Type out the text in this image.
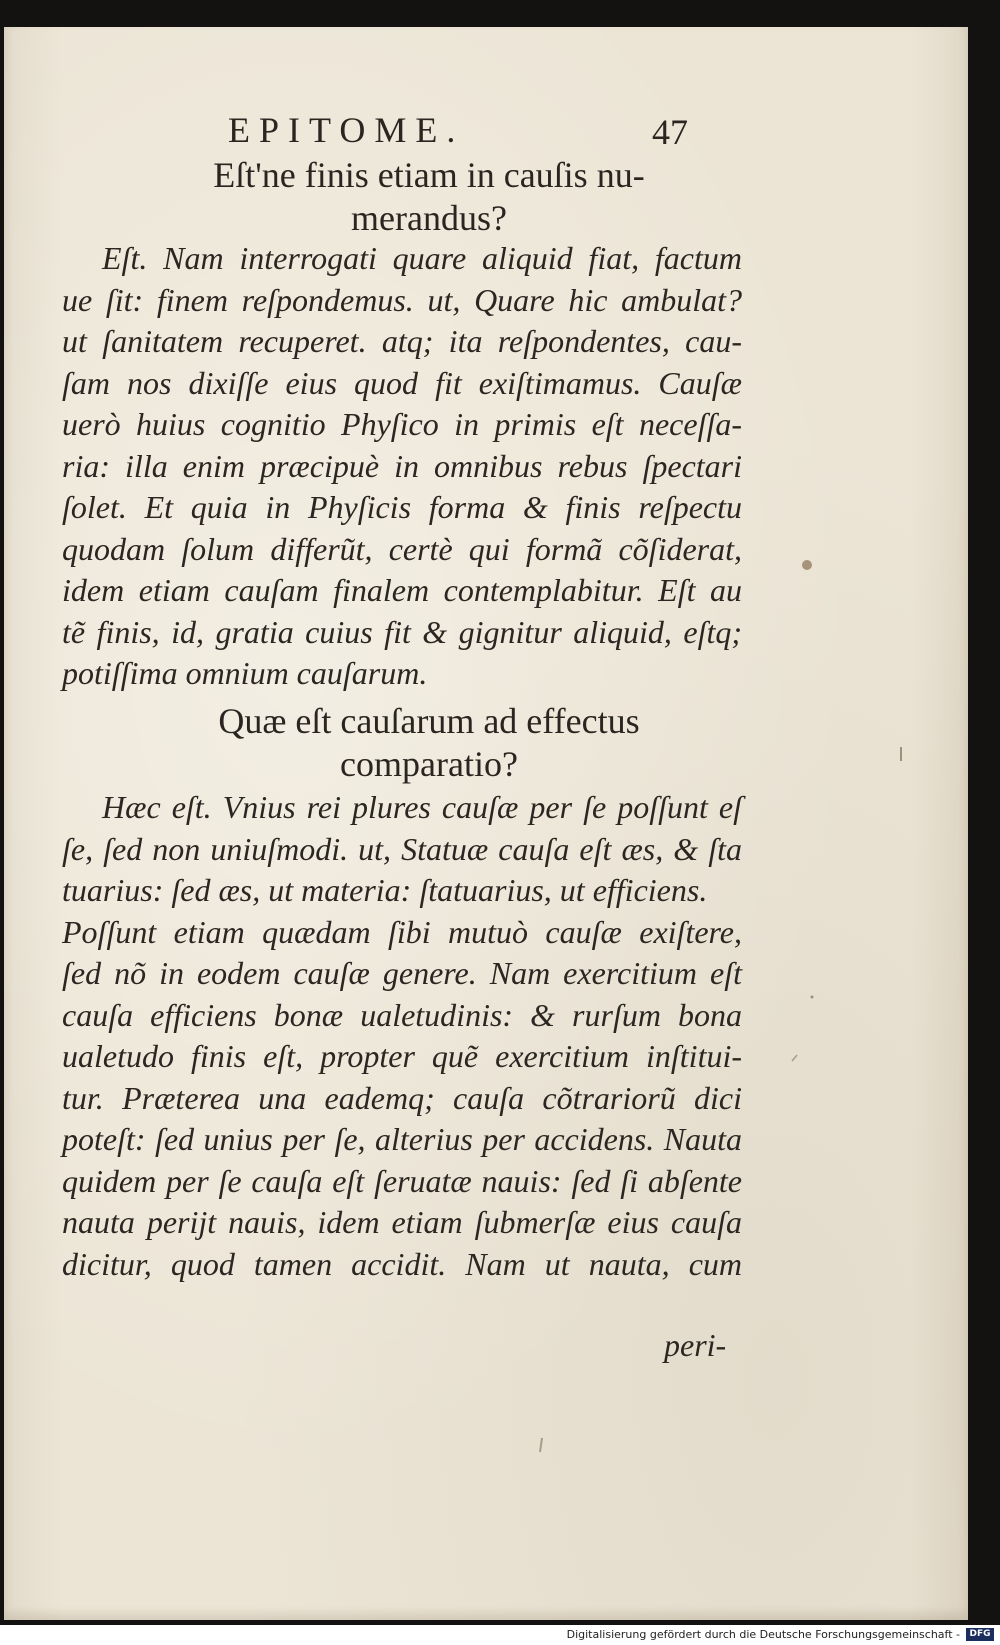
EPITOME.	47
Eſt'ne finis etiam in cauſis nu-
merandus?
Eſt. Nam interrogati quare aliquid fiat, factum
ue ſit: finem reſpondemus. ut, Quare hic ambulat?
ut ſanitatem recuperet. atq; ita reſpondentes, cau-
ſam nos dixiſſe eius quod fit exiſtimamus. Cauſæ
uerò huius cognitio Phyſico in primis eſt neceſſa-
ria: illa enim præcipuè in omnibus rebus ſpectari
ſolet. Et quia in Phyſicis forma & finis reſpectu
quodam ſolum differũt, certè qui formã cõſiderat,
idem etiam cauſam finalem contemplabitur. Eſt au
tẽ finis, id, gratia cuius fit & gignitur aliquid, eſtq;
potiſſima omnium cauſarum.
Quæ eſt cauſarum ad effectus
comparatio?
Hæc eſt. Vnius rei plures cauſæ per ſe poſſunt eſ
ſe, ſed non uniuſmodi. ut, Statuæ cauſa eſt æs, & ſta
tuarius: ſed æs, ut materia: ſtatuarius, ut efficiens.
Poſſunt etiam quædam ſibi mutuò cauſæ exiſtere,
ſed nõ in eodem cauſæ genere. Nam exercitium eſt
cauſa efficiens bonæ ualetudinis: & rurſum bona
ualetudo finis eſt, propter quẽ exercitium inſtitui-
tur. Præterea una eademq; cauſa cõtrariorũ dici
poteſt: ſed unius per ſe, alterius per accidens. Nauta
quidem per ſe cauſa eſt ſeruatæ nauis: ſed ſi abſente
nauta perijt nauis, idem etiam ſubmerſæ eius cauſa
dicitur, quod tamen accidit. Nam ut nauta, cum
peri-
Digitalisierung gefördert durch die Deutsche Forschungsgemeinschaft -	DFG
